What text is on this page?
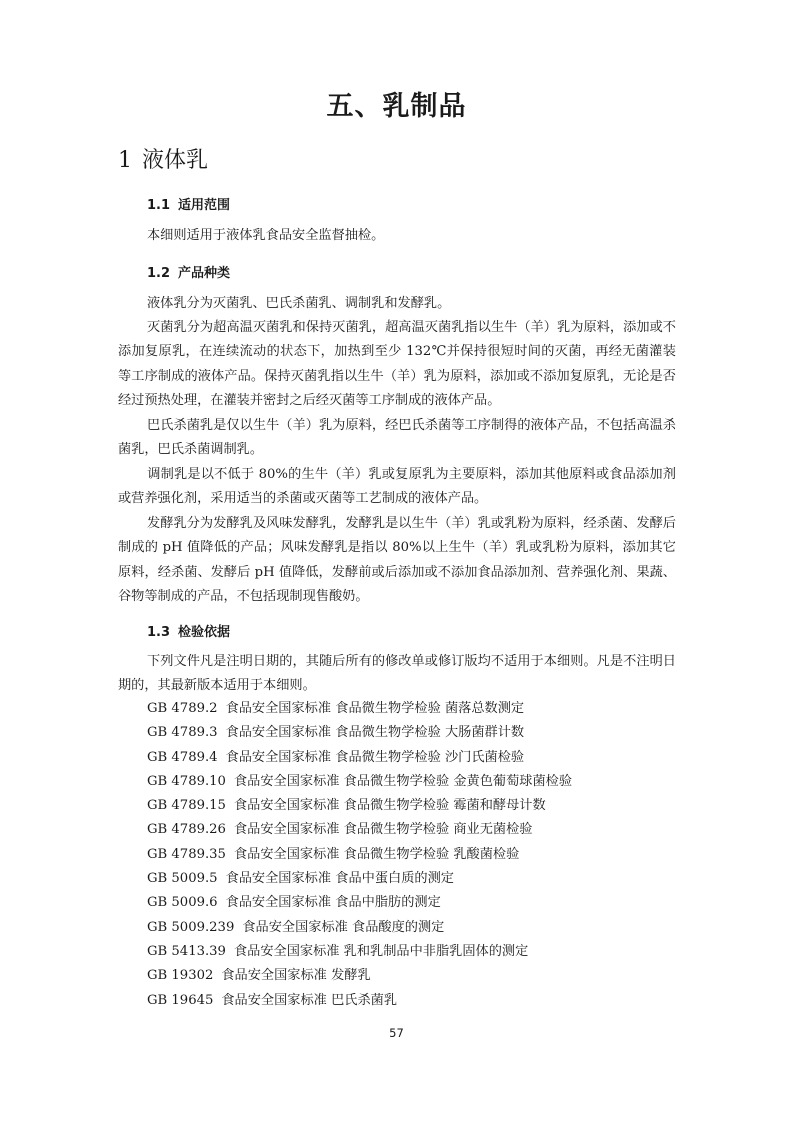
五、乳制品
1 液体乳
1.1 适用范围

本细则适用于液体乳食品安全监督抽检。

1.2 产品种类

液体乳分为灭菌乳、巴氏杀菌乳、调制乳和发酵乳。

灭菌乳分为超高温灭菌乳和保持灭菌乳，超高温灭菌乳指以生牛（羊）乳为原料，添加或不添加复原乳，在连续流动的状态下，加热到至少 132℃并保持很短时间的灭菌，再经无菌灌装等工序制成的液体产品。保持灭菌乳指以生牛（羊）乳为原料，添加或不添加复原乳，无论是否经过预热处理，在灌装并密封之后经灭菌等工序制成的液体产品。

巴氏杀菌乳是仅以生牛（羊）乳为原料，经巴氏杀菌等工序制得的液体产品，不包括高温杀菌乳，巴氏杀菌调制乳。

调制乳是以不低于 80%的生牛（羊）乳或复原乳为主要原料，添加其他原料或食品添加剂或营养强化剂，采用适当的杀菌或灭菌等工艺制成的液体产品。

发酵乳分为发酵乳及风味发酵乳，发酵乳是以生牛（羊）乳或乳粉为原料，经杀菌、发酵后制成的 pH 值降低的产品；风味发酵乳是指以 80%以上生牛（羊）乳或乳粉为原料，添加其它原料，经杀菌、发酵后 pH 值降低，发酵前或后添加或不添加食品添加剂、营养强化剂、果蔬、谷物等制成的产品，不包括现制现售酸奶。

1.3 检验依据

下列文件凡是注明日期的，其随后所有的修改单或修订版均不适用于本细则。凡是不注明日期的，其最新版本适用于本细则。

GB 4789.2 食品安全国家标准 食品微生物学检验 菌落总数测定
GB 4789.3 食品安全国家标准 食品微生物学检验 大肠菌群计数
GB 4789.4 食品安全国家标准 食品微生物学检验 沙门氏菌检验
GB 4789.10 食品安全国家标准 食品微生物学检验 金黄色葡萄球菌检验
GB 4789.15 食品安全国家标准 食品微生物学检验 霉菌和酵母计数
GB 4789.26 食品安全国家标准 食品微生物学检验 商业无菌检验
GB 4789.35 食品安全国家标准 食品微生物学检验 乳酸菌检验
GB 5009.5 食品安全国家标准 食品中蛋白质的测定
GB 5009.6 食品安全国家标准 食品中脂肪的测定
GB 5009.239 食品安全国家标准 食品酸度的测定
GB 5413.39 食品安全国家标准 乳和乳制品中非脂乳固体的测定
GB 19302 食品安全国家标准 发酵乳
GB 19645 食品安全国家标准 巴氏杀菌乳
57
